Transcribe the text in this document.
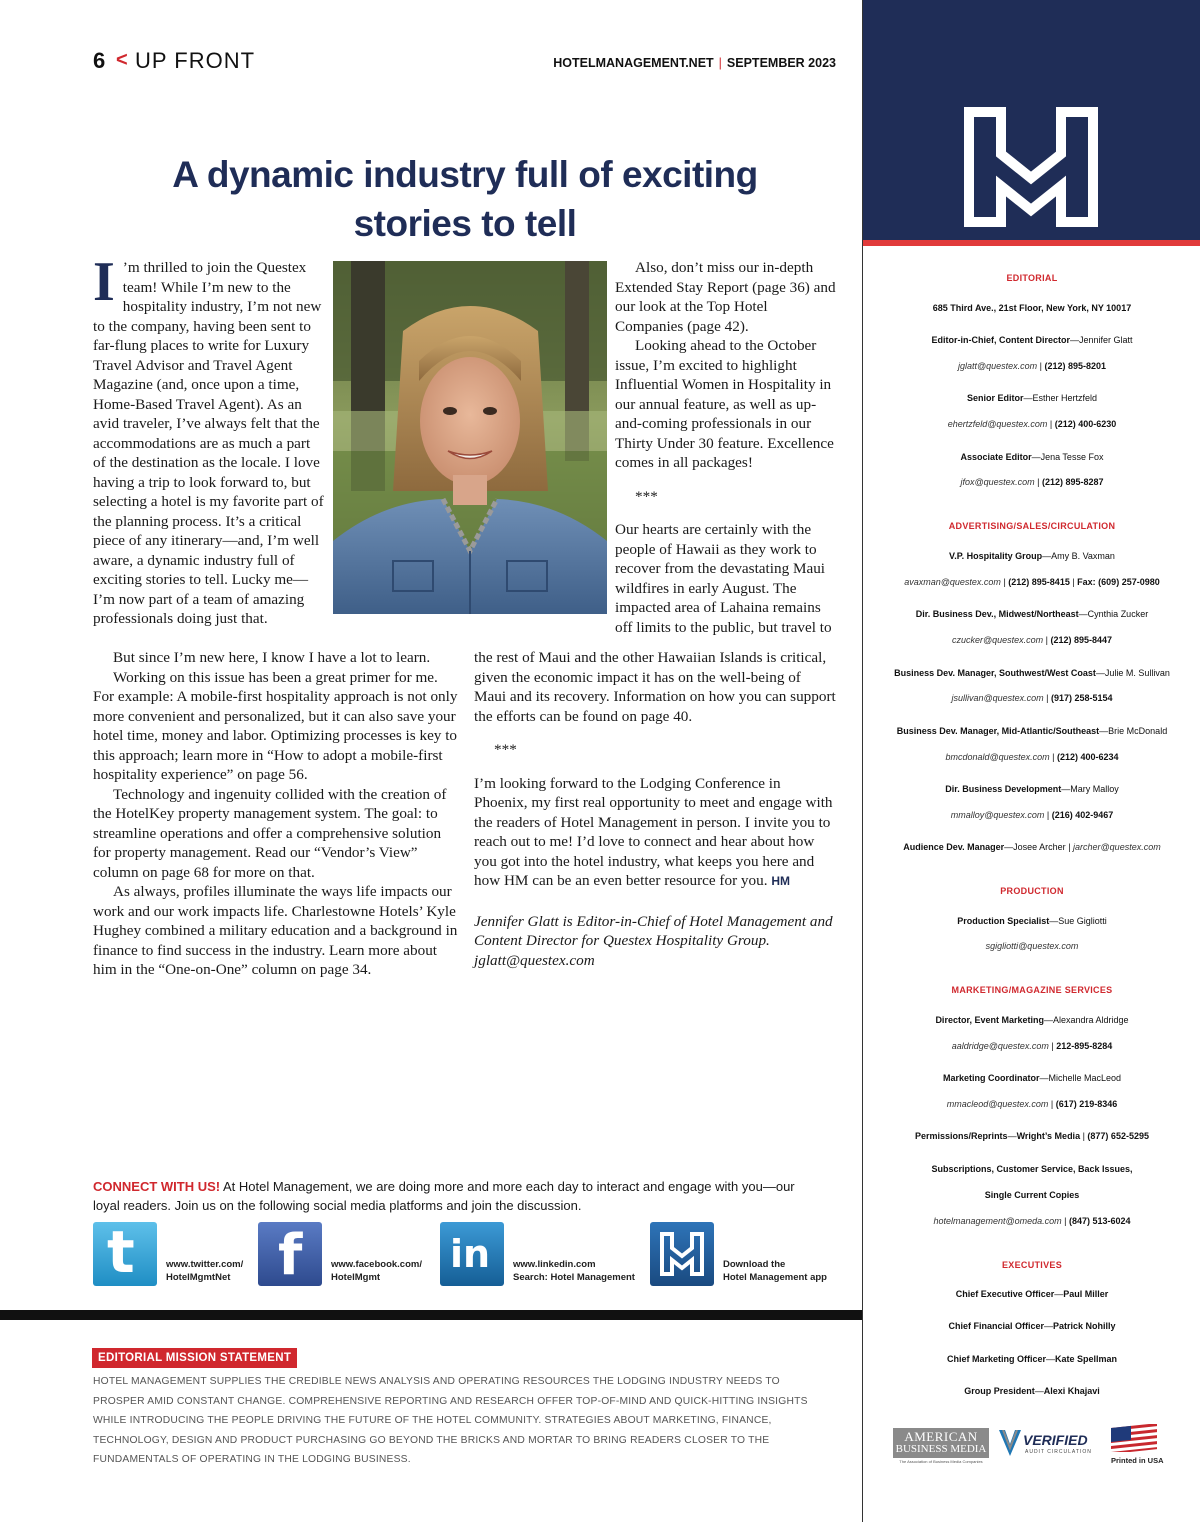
6 < UP FRONT	HOTELMANAGEMENT.NET | SEPTEMBER 2023
A dynamic industry full of exciting
stories to tell

I ’m thrilled to join the Questex team! While I’m new to the hospitality industry, I’m not new to the company, having been sent to far-flung places to write for Luxury Travel Advisor and Travel Agent Magazine (and, once upon a time, Home-Based Travel Agent). As an avid traveler, I’ve always felt that the accommodations are as much a part of the destination as the locale. I love having a trip to look forward to, but selecting a hotel is my favorite part of the planning process. It’s a critical piece of any itinerary—and, I’m well aware, a dynamic industry full of exciting stories to tell. Lucky me—I’m now part of a team of amazing professionals doing just that.

But since I’m new here, I know I have a lot to learn.

Working on this issue has been a great primer for me. For example: A mobile-first hospitality approach is not only more convenient and personalized, but it can also save your hotel time, money and labor. Optimizing processes is key to this approach; learn more in “How to adopt a mobile-first hospitality experience” on page 56.

Technology and ingenuity collided with the creation of the HotelKey property management system. The goal: to streamline operations and offer a comprehensive solution for property management. Read our “Vendor’s View” column on page 68 for more on that.

As always, profiles illuminate the ways life impacts our work and our work impacts life. Charlestowne Hotels’ Kyle Hughey combined a military education and a background in finance to find success in the industry. Learn more about him in the “One-on-One” column on page 34.

Also, don’t miss our in-depth Extended Stay Report (page 36) and our look at the Top Hotel Companies (page 42).

Looking ahead to the October issue, I’m excited to highlight Influential Women in Hospitality in our annual feature, as well as up-and-coming professionals in our Thirty Under 30 feature. Excellence comes in all packages!

***

Our hearts are certainly with the people of Hawaii as they work to recover from the devastating Maui wildfires in early August. The impacted area of Lahaina remains off limits to the public, but travel to

the rest of Maui and the other Hawaiian Islands is critical, given the economic impact it has on the well-being of Maui and its recovery. Information on how you can support the efforts can be found on page 40.

***

I’m looking forward to the Lodging Conference in Phoenix, my first real opportunity to meet and engage with the readers of Hotel Management in person. I invite you to reach out to me! I’d love to connect and hear about how you got into the hotel industry, what keeps you here and how HM can be an even better resource for you. HM

Jennifer Glatt is Editor-in-Chief of Hotel Management and Content Director for Questex Hospitality Group.
jglatt@questex.com

CONNECT WITH US! At Hotel Management, we are doing more and more each day to interact and engage with you—our loyal readers. Join us on the following social media platforms and join the discussion.
t	www.twitter.com/
HotelMgmtNet f	www.facebook.com/
HotelMgmt
in www.linkedin.com
Search: Hotel Management
Download the
Hotel Management app
EDITORIAL MISSION STATEMENT
HOTEL MANAGEMENT SUPPLIES THE CREDIBLE NEWS ANALYSIS AND OPERATING RESOURCES THE LODGING INDUSTRY NEEDS TO PROSPER AMID CONSTANT CHANGE. COMPREHENSIVE REPORTING AND RESEARCH OFFER TOP-OF-MIND AND QUICK-HITTING INSIGHTS WHILE INTRODUCING THE PEOPLE DRIVING THE FUTURE OF THE HOTEL COMMUNITY. STRATEGIES ABOUT MARKETING, FINANCE, TECHNOLOGY, DESIGN AND PRODUCT PURCHASING GO BEYOND THE BRICKS AND MORTAR TO BRING READERS CLOSER TO THE FUNDAMENTALS OF OPERATING IN THE LODGING BUSINESS.
EDITORIAL
685 Third Ave., 21st Floor, New York, NY 10017
Editor-in-Chief, Content Director—Jennifer Glatt
jglatt@questex.com | (212) 895-8201
Senior Editor—Esther Hertzfeld
ehertzfeld@questex.com | (212) 400-6230
Associate Editor—Jena Tesse Fox
jfox@questex.com | (212) 895-8287
ADVERTISING/SALES/CIRCULATION
V.P. Hospitality Group—Amy B. Vaxman
avaxman@questex.com | (212) 895-8415 | Fax: (609) 257-0980
Dir. Business Dev., Midwest/Northeast—Cynthia Zucker
czucker@questex.com | (212) 895-8447
Business Dev. Manager, Southwest/West Coast—Julie M. Sullivan
jsullivan@questex.com | (917) 258-5154
Business Dev. Manager, Mid-Atlantic/Southeast—Brie McDonald
bmcdonald@questex.com | (212) 400-6234
Dir. Business Development—Mary Malloy
mmalloy@questex.com | (216) 402-9467
Audience Dev. Manager—Josee Archer | jarcher@questex.com
PRODUCTION
Production Specialist—Sue Gigliotti
sgigliotti@questex.com
MARKETING/MAGAZINE SERVICES
Director, Event Marketing—Alexandra Aldridge
aaldridge@questex.com | 212-895-8284
Marketing Coordinator—Michelle MacLeod
mmacleod@questex.com | (617) 219-8346
Permissions/Reprints—Wright’s Media | (877) 652-5295
Subscriptions, Customer Service, Back Issues,
Single Current Copies
hotelmanagement@omeda.com | (847) 513-6024
EXECUTIVES
Chief Executive Officer—Paul Miller
Chief Financial Officer—Patrick Nohilly
Chief Marketing Officer—Kate Spellman
Group President—Alexi Khajavi
AMERICAN
BUSINESS MEDIA
The Association of Business Media Companies
VERIFIED
AUDIT CIRCULATION
Printed in USA
